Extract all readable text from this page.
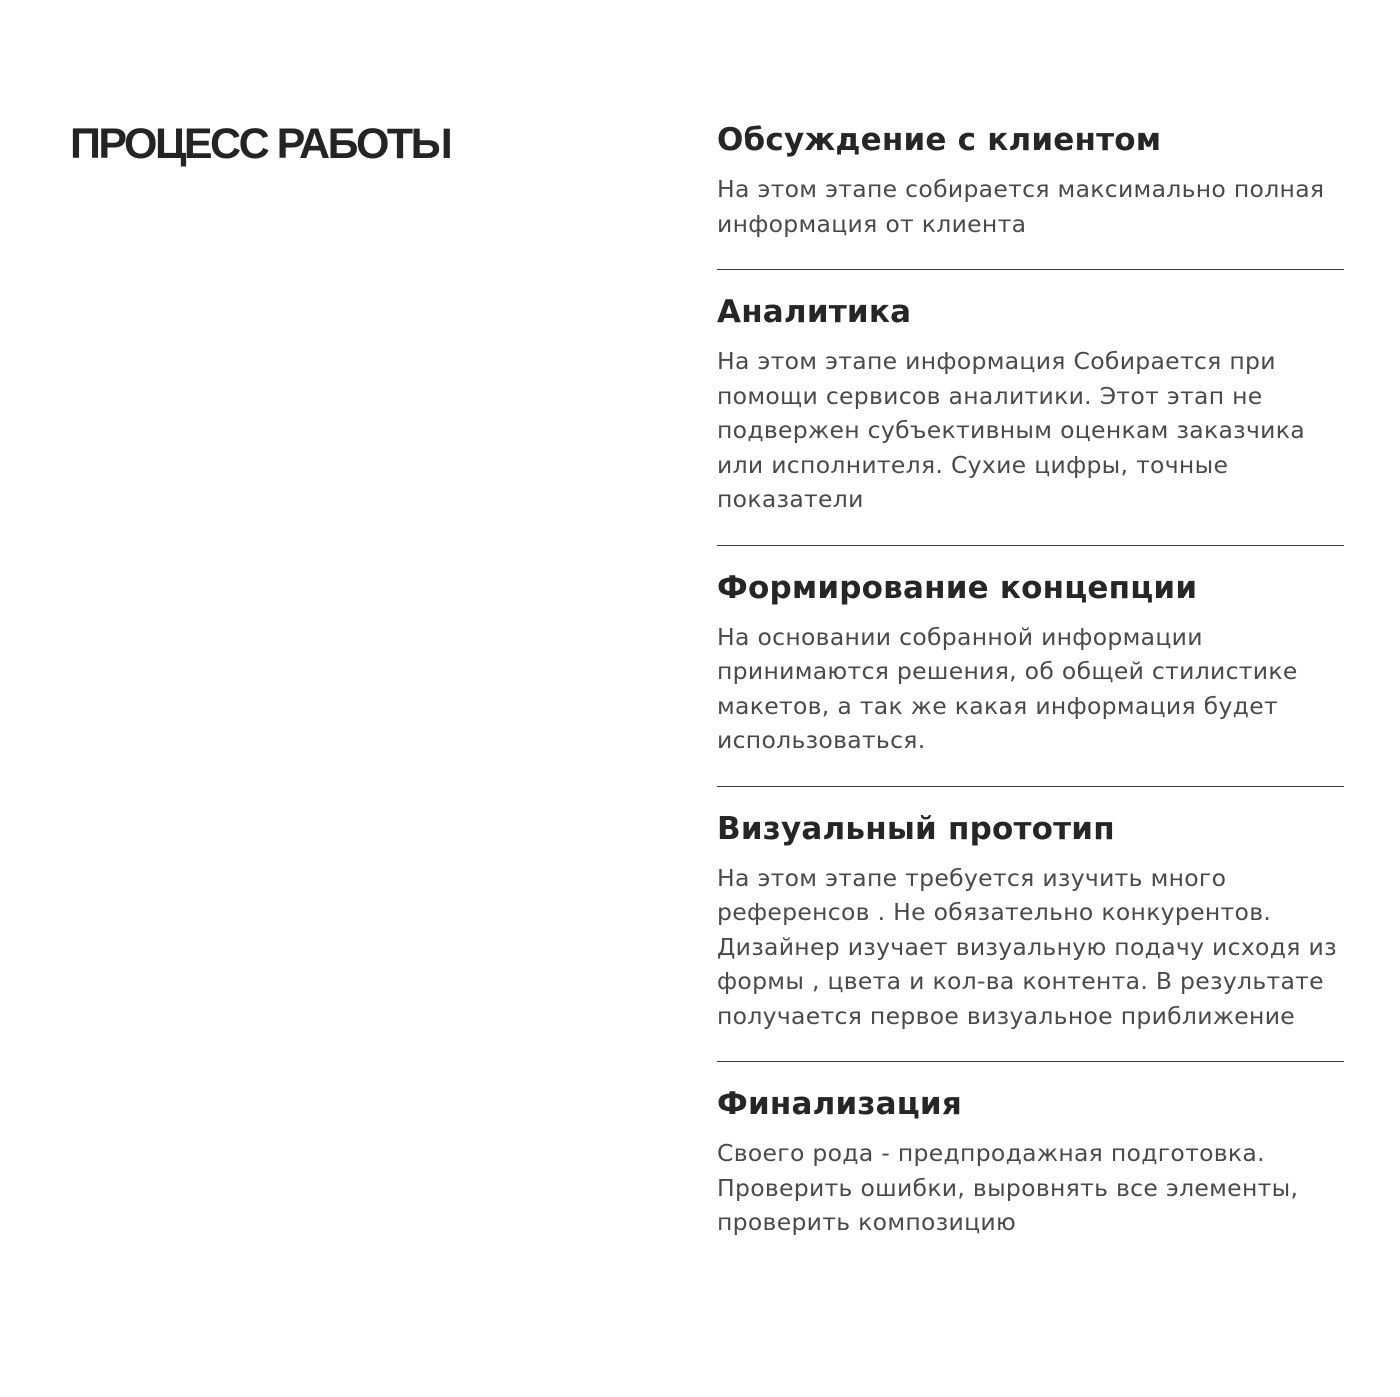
ПРОЦЕСС РАБОТЫ	Обсуждение с клиентом

На этом этапе собирается максимально полная информация от клиента

Аналитика

На этом этапе информация Собирается при помощи сервисов аналитики. Этот этап не подвержен субъективным оценкам заказчика или исполнителя. Сухие цифры, точные показатели

Формирование концепции

На основании собранной информации принимаются решения, об общей стилистике макетов, а так же какая информация будет использоваться.

Визуальный прототип

На этом этапе требуется изучить много референсов . Не обязательно конкурентов. Дизайнер изучает визуальную подачу исходя из формы , цвета и кол-ва контента. В результате получается первое визуальное приближение

Финализация

Своего рода - предпродажная подготовка. Проверить ошибки, выровнять все элементы, проверить композицию
